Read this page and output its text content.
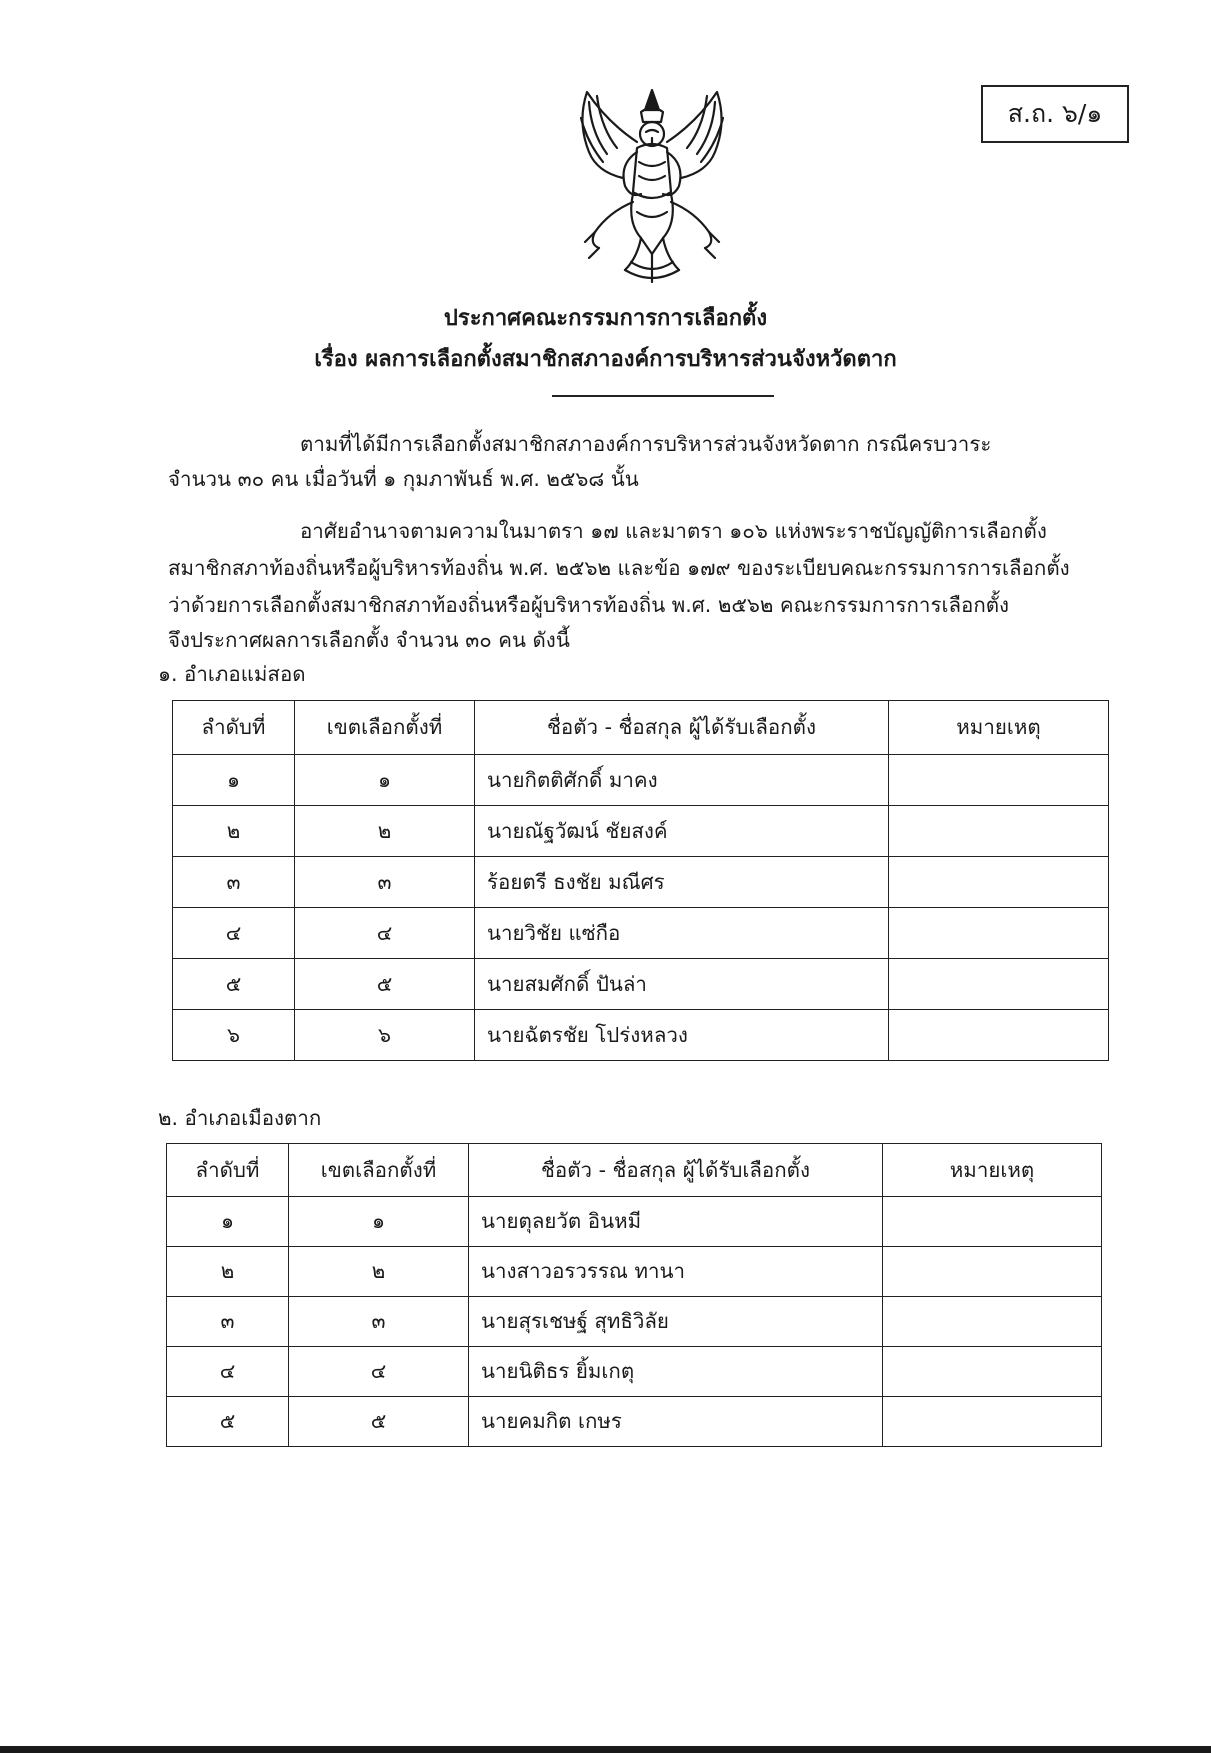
ส.ถ. ๖/๑
ประกาศคณะกรรมการการเลือกตั้ง
เรื่อง ผลการเลือกตั้งสมาชิกสภาองค์การบริหารส่วนจังหวัดตาก
ตามที่ได้มีการเลือกตั้งสมาชิกสภาองค์การบริหารส่วนจังหวัดตาก กรณีครบวาระ
จำนวน ๓๐ คน เมื่อวันที่ ๑ กุมภาพันธ์ พ.ศ. ๒๕๖๘ นั้น
อาศัยอำนาจตามความในมาตรา ๑๗ และมาตรา ๑๐๖ แห่งพระราชบัญญัติการเลือกตั้ง
สมาชิกสภาท้องถิ่นหรือผู้บริหารท้องถิ่น พ.ศ. ๒๕๖๒ และข้อ ๑๗๙ ของระเบียบคณะกรรมการการเลือกตั้ง
ว่าด้วยการเลือกตั้งสมาชิกสภาท้องถิ่นหรือผู้บริหารท้องถิ่น พ.ศ. ๒๕๖๒ คณะกรรมการการเลือกตั้ง
จึงประกาศผลการเลือกตั้ง จำนวน ๓๐ คน ดังนี้
๑. อำเภอแม่สอด
ลำดับที่	เขตเลือกตั้งที่	ชื่อตัว - ชื่อสกุล ผู้ได้รับเลือกตั้ง	หมายเหตุ
๑	๑	นายกิตติศักดิ์ มาคง	
๒	๒	นายณัฐวัฒน์ ชัยสงค์	
๓	๓	ร้อยตรี ธงชัย มณีศร	
๔	๔	นายวิชัย แซ่กือ	
๕	๕	นายสมศักดิ์ ปันล่า	
๖	๖	นายฉัตรชัย โปร่งหลวง	
๒. อำเภอเมืองตาก
ลำดับที่	เขตเลือกตั้งที่	ชื่อตัว - ชื่อสกุล ผู้ได้รับเลือกตั้ง	หมายเหตุ
๑	๑	นายตุลยวัต อินหมี	
๒	๒	นางสาวอรวรรณ ทานา	
๓	๓	นายสุรเชษฐ์ สุทธิวิลัย	
๔	๔	นายนิติธร ยิ้มเกตุ	
๕	๕	นายคมกิต เกษร	
